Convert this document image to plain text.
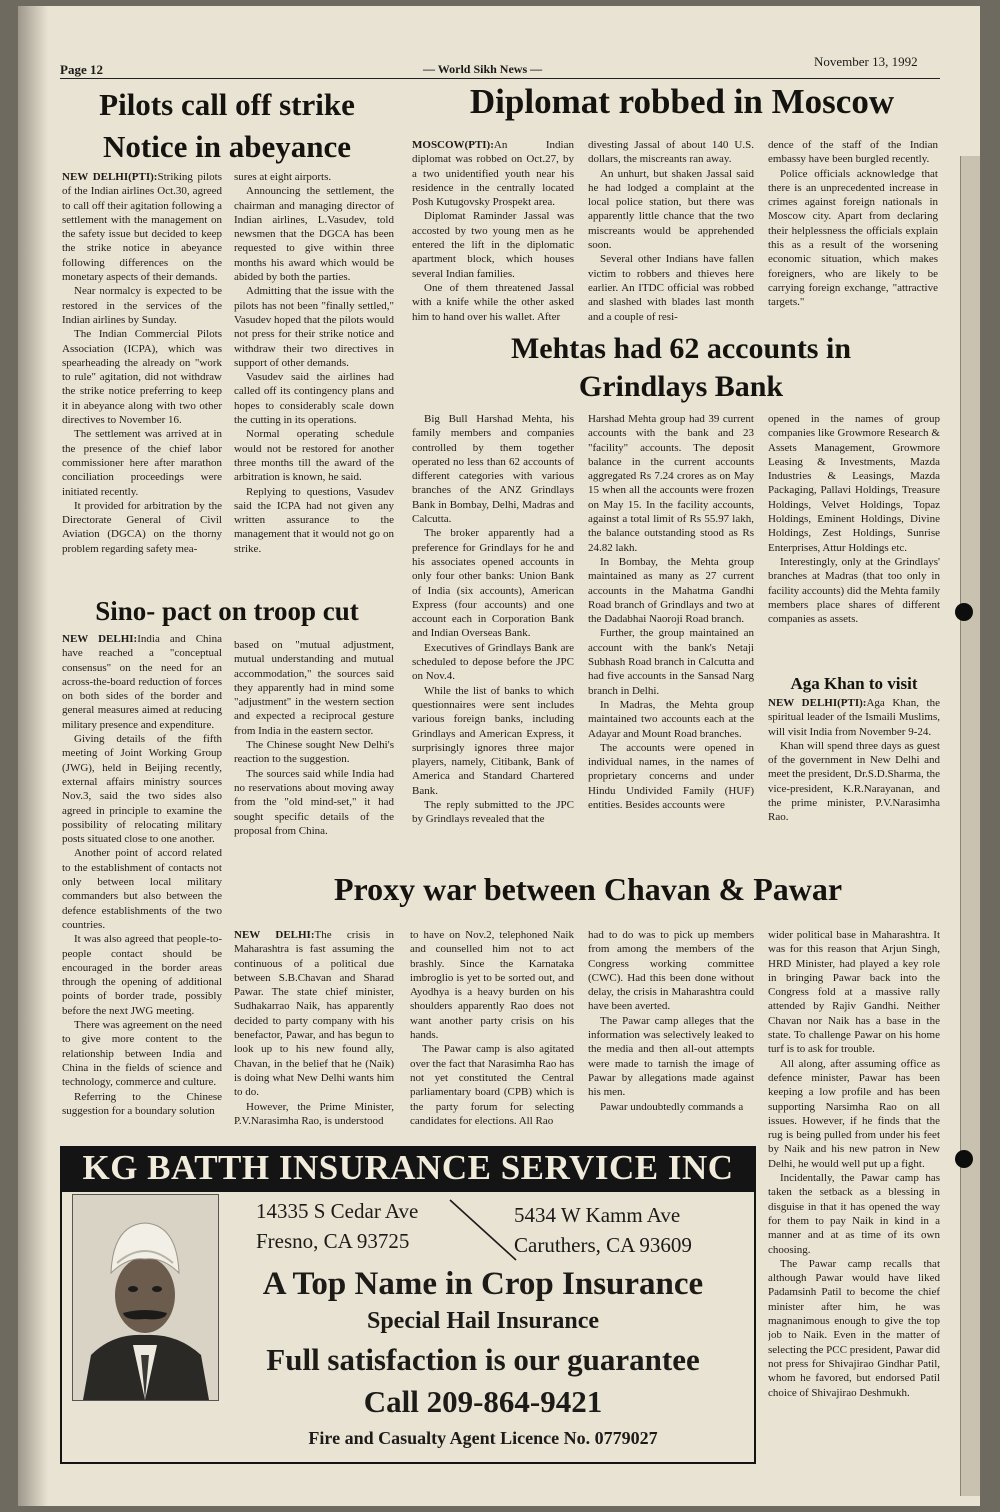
Page 12	— World Sikh News —	November 13, 1992
Pilots call off strike
Notice in abeyance

NEW DELHI(PTI):Striking pilots of the Indian airlines Oct.30, agreed to call off their agitation following a settlement with the management on the safety issue but decided to keep the strike notice in abeyance following differences on the monetary aspects of their demands.

Near normalcy is expected to be restored in the services of the Indian airlines by Sunday.

The Indian Commercial Pilots Association (ICPA), which was spearheading the already on "work to rule" agitation, did not withdraw the strike notice preferring to keep it in abeyance along with two other directives to November 16.

The settlement was arrived at in the presence of the chief labor commissioner here after marathon conciliation proceedings were initiated recently.

It provided for arbitration by the Directorate General of Civil Aviation (DGCA) on the thorny problem regarding safety mea-

sures at eight airports.

Announcing the settlement, the chairman and managing director of Indian airlines, L.Vasudev, told newsmen that the DGCA has been requested to give within three months his award which would be abided by both the parties.

Admitting that the issue with the pilots has not been "finally settled," Vasudev hoped that the pilots would not press for their strike notice and withdraw their two directives in support of other demands.

Vasudev said the airlines had called off its contingency plans and hopes to considerably scale down the cutting in its operations.

Normal operating schedule would not be restored for another three months till the award of the arbitration is known, he said.

Replying to questions, Vasudev said the ICPA had not given any written assurance to the management that it would not go on strike.

Diplomat robbed in Moscow

MOSCOW(PTI):An Indian diplomat was robbed on Oct.27, by a two unidentified youth near his residence in the centrally located Posh Kutugovsky Prospekt area.

Diplomat Raminder Jassal was accosted by two young men as he entered the lift in the diplomatic apartment block, which houses several Indian families.

One of them threatened Jassal with a knife while the other asked him to hand over his wallet. After

divesting Jassal of about 140 U.S. dollars, the miscreants ran away.

An unhurt, but shaken Jassal said he had lodged a complaint at the local police station, but there was apparently little chance that the two miscreants would be apprehended soon.

Several other Indians have fallen victim to robbers and thieves here earlier. An ITDC official was robbed and slashed with blades last month and a couple of resi-

dence of the staff of the Indian embassy have been burgled recently.

Police officials acknowledge that there is an unprecedented increase in crimes against foreign nationals in Moscow city. Apart from declaring their helplessness the officials explain this as a result of the worsening economic situation, which makes foreigners, who are likely to be carrying foreign exchange, "attractive targets."

Mehtas had 62 accounts in
Grindlays Bank

Big Bull Harshad Mehta, his family members and companies controlled by them together operated no less than 62 accounts of different categories with various branches of the ANZ Grindlays Bank in Bombay, Delhi, Madras and Calcutta.

The broker apparently had a preference for Grindlays for he and his associates opened accounts in only four other banks: Union Bank of India (six accounts), American Express (four accounts) and one account each in Corporation Bank and Indian Overseas Bank.

Executives of Grindlays Bank are scheduled to depose before the JPC on Nov.4.

While the list of banks to which questionnaires were sent includes various foreign banks, including Grindlays and American Express, it surprisingly ignores three major players, namely, Citibank, Bank of America and Standard Chartered Bank.

The reply submitted to the JPC by Grindlays revealed that the

Harshad Mehta group had 39 current accounts with the bank and 23 "facility" accounts. The deposit balance in the current accounts aggregated Rs 7.24 crores as on May 15 when all the accounts were frozen on May 15. In the facility accounts, against a total limit of Rs 55.97 lakh, the balance outstanding stood as Rs 24.82 lakh.

In Bombay, the Mehta group maintained as many as 27 current accounts in the Mahatma Gandhi Road branch of Grindlays and two at the Dadabhai Naoroji Road branch.

Further, the group maintained an account with the bank's Netaji Subhash Road branch in Calcutta and had five accounts in the Sansad Narg branch in Delhi.

In Madras, the Mehta group maintained two accounts each at the Adayar and Mount Road branches.

The accounts were opened in individual names, in the names of proprietary concerns and under Hindu Undivided Family (HUF) entities. Besides accounts were

opened in the names of group companies like Growmore Research & Assets Management, Growmore Leasing & Investments, Mazda Industries & Leasings, Mazda Packaging, Pallavi Holdings, Treasure Holdings, Velvet Holdings, Topaz Holdings, Eminent Holdings, Divine Holdings, Zest Holdings, Sunrise Enterprises, Attur Holdings etc.

Interestingly, only at the Grindlays' branches at Madras (that too only in facility accounts) did the Mehta family members place shares of different companies as assets.

Aga Khan to visit

NEW DELHI(PTI):Aga Khan, the spiritual leader of the Ismaili Muslims, will visit India from November 9-24.

Khan will spend three days as guest of the government in New Delhi and meet the president, Dr.S.D.Sharma, the vice-president, K.R.Narayanan, and the prime minister, P.V.Narasimha Rao.

Sino- pact on troop cut

NEW DELHI:India and China have reached a "conceptual consensus" on the need for an across-the-board reduction of forces on both sides of the border and general measures aimed at reducing military presence and expenditure.

Giving details of the fifth meeting of Joint Working Group (JWG), held in Beijing recently, external affairs ministry sources Nov.3, said the two sides also agreed in principle to examine the possibility of relocating military posts situated close to one another.

Another point of accord related to the establishment of contacts not only between local military commanders but also between the defence establishments of the two countries.

It was also agreed that people-to-people contact should be encouraged in the border areas through the opening of additional points of border trade, possibly before the next JWG meeting.

There was agreement on the need to give more content to the relationship between India and China in the fields of science and technology, commerce and culture.

Referring to the Chinese suggestion for a boundary solution

based on "mutual adjustment, mutual understanding and mutual accommodation," the sources said they apparently had in mind some "adjustment" in the western section and expected a reciprocal gesture from India in the eastern sector.

The Chinese sought New Delhi's reaction to the suggestion.

The sources said while India had no reservations about moving away from the "old mind-set," it had sought specific details of the proposal from China.

Proxy war between Chavan & Pawar

NEW DELHI:The crisis in Maharashtra is fast assuming the continuous of a political due between S.B.Chavan and Sharad Pawar. The state chief minister, Sudhakarrao Naik, has apparently decided to party company with his benefactor, Pawar, and has begun to look up to his new found ally, Chavan, in the belief that he (Naik) is doing what New Delhi wants him to do.

However, the Prime Minister, P.V.Narasimha Rao, is understood

to have on Nov.2, telephoned Naik and counselled him not to act brashly. Since the Karnataka imbroglio is yet to be sorted out, and Ayodhya is a heavy burden on his shoulders apparently Rao does not want another party crisis on his hands.

The Pawar camp is also agitated over the fact that Narasimha Rao has not yet constituted the Central parliamentary board (CPB) which is the party forum for selecting candidates for elections. All Rao

had to do was to pick up members from among the members of the Congress working committee (CWC). Had this been done without delay, the crisis in Maharashtra could have been averted.

The Pawar camp alleges that the information was selectively leaked to the media and then all-out attempts were made to tarnish the image of Pawar by allegations made against his men.

Pawar undoubtedly commands a

wider political base in Maharashtra. It was for this reason that Arjun Singh, HRD Minister, had played a key role in bringing Pawar back into the Congress fold at a massive rally attended by Rajiv Gandhi. Neither Chavan nor Naik has a base in the state. To challenge Pawar on his home turf is to ask for trouble.

All along, after assuming office as defence minister, Pawar has been keeping a low profile and has been supporting Narsimha Rao on all issues. However, if he finds that the rug is being pulled from under his feet by Naik and his new patron in New Delhi, he would well put up a fight.

Incidentally, the Pawar camp has taken the setback as a blessing in disguise in that it has opened the way for them to pay Naik in kind in a manner and at as time of its own choosing.

The Pawar camp recalls that although Pawar would have liked Padamsinh Patil to become the chief minister after him, he was magnanimous enough to give the top job to Naik. Even in the matter of selecting the PCC president, Pawar did not press for Shivajirao Gindhar Patil, whom he favored, but endorsed Patil choice of Shivajirao Deshmukh.

KG BATTH INSURANCE SERVICE INC
14335 S Cedar Ave
Fresno, CA 93725
5434 W Kamm Ave
Caruthers, CA 93609
A Top Name in Crop Insurance
Special Hail Insurance
Full satisfaction is our guarantee
Call 209-864-9421
Fire and Casualty Agent Licence No. 0779027
